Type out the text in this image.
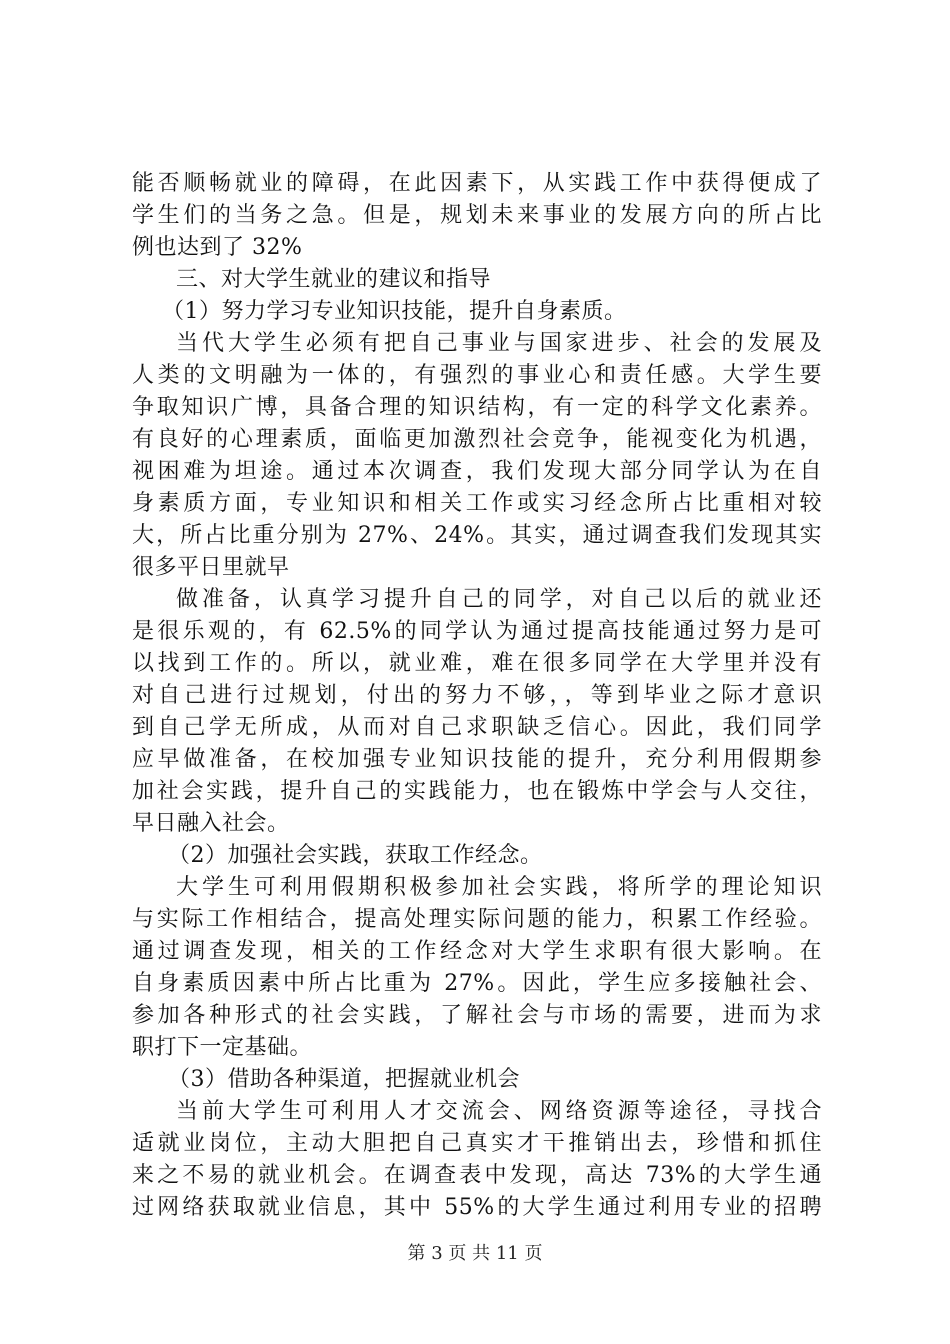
能否顺畅就业的障碍，在此因素下，从实践工作中获得便成了
学生们的当务之急。但是，规划未来事业的发展方向的所占比
例也达到了 32%
三、对大学生就业的建议和指导
（1）努力学习专业知识技能，提升自身素质。
当代大学生必须有把自己事业与国家进步、社会的发展及
人类的文明融为一体的，有强烈的事业心和责任感。大学生要
争取知识广博，具备合理的知识结构，有一定的科学文化素养。
有良好的心理素质，面临更加激烈社会竞争，能视变化为机遇，
视困难为坦途。通过本次调查，我们发现大部分同学认为在自
身素质方面，专业知识和相关工作或实习经念所占比重相对较
大，所占比重分别为 27%、24%。其实，通过调查我们发现其实
很多平日里就早
做准备，认真学习提升自己的同学，对自己以后的就业还
是很乐观的，有 62.5%的同学认为通过提高技能通过努力是可
以找到工作的。所以，就业难，难在很多同学在大学里并没有
对自己进行过规划，付出的努力不够，，等到毕业之际才意识
到自己学无所成，从而对自己求职缺乏信心。因此，我们同学
应早做准备，在校加强专业知识技能的提升，充分利用假期参
加社会实践，提升自己的实践能力，也在锻炼中学会与人交往，
早日融入社会。
（2）加强社会实践，获取工作经念。
大学生可利用假期积极参加社会实践，将所学的理论知识
与实际工作相结合，提高处理实际问题的能力，积累工作经验。
通过调查发现，相关的工作经念对大学生求职有很大影响。在
自身素质因素中所占比重为 27%。因此，学生应多接触社会、
参加各种形式的社会实践，了解社会与市场的需要，进而为求
职打下一定基础。
（3）借助各种渠道，把握就业机会
当前大学生可利用人才交流会、网络资源等途径，寻找合
适就业岗位，主动大胆把自己真实才干推销出去，珍惜和抓住
来之不易的就业机会。在调查表中发现，高达 73%的大学生通
过网络获取就业信息，其中 55%的大学生通过利用专业的招聘
第 3 页 共 11 页
